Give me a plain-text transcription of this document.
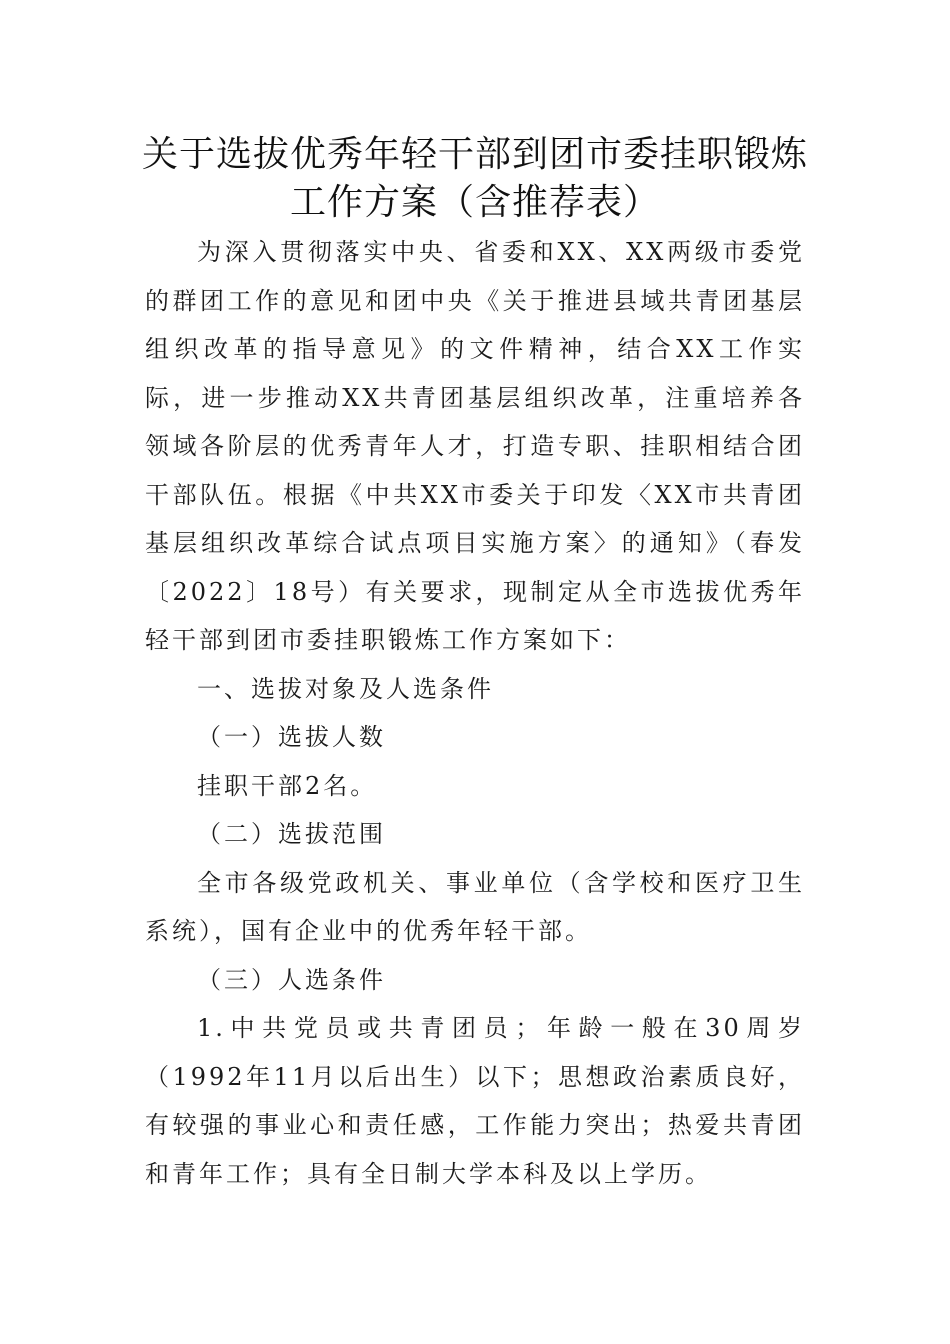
关于选拔优秀年轻干部到团市委挂职锻炼
工作方案（含推荐表）

为深入贯彻落实中央、省委和XX、XX两级市委党的群团工作的意见和团中央《关于推进县域共青团基层组织改革的指导意见》的文件精神，结合XX工作实际，进一步推动XX共青团基层组织改革，注重培养各领域各阶层的优秀青年人才，打造专职、挂职相结合团干部队伍。根据《中共XX市委关于印发〈XX市共青团基层组织改革综合试点项目实施方案〉的通知》（春发〔2022〕18号）有关要求，现制定从全市选拔优秀年轻干部到团市委挂职锻炼工作方案如下：

一、选拔对象及人选条件

（一）选拔人数

挂职干部2名。

（二）选拔范围

全市各级党政机关、事业单位（含学校和医疗卫生系统），国有企业中的优秀年轻干部。

（三）人选条件

1.中共党员或共青团员；年龄一般在30周岁（1992年11月以后出生）以下；思想政治素质良好，有较强的事业心和责任感，工作能力突出；热爱共青团和青年工作；具有全日制大学本科及以上学历。
